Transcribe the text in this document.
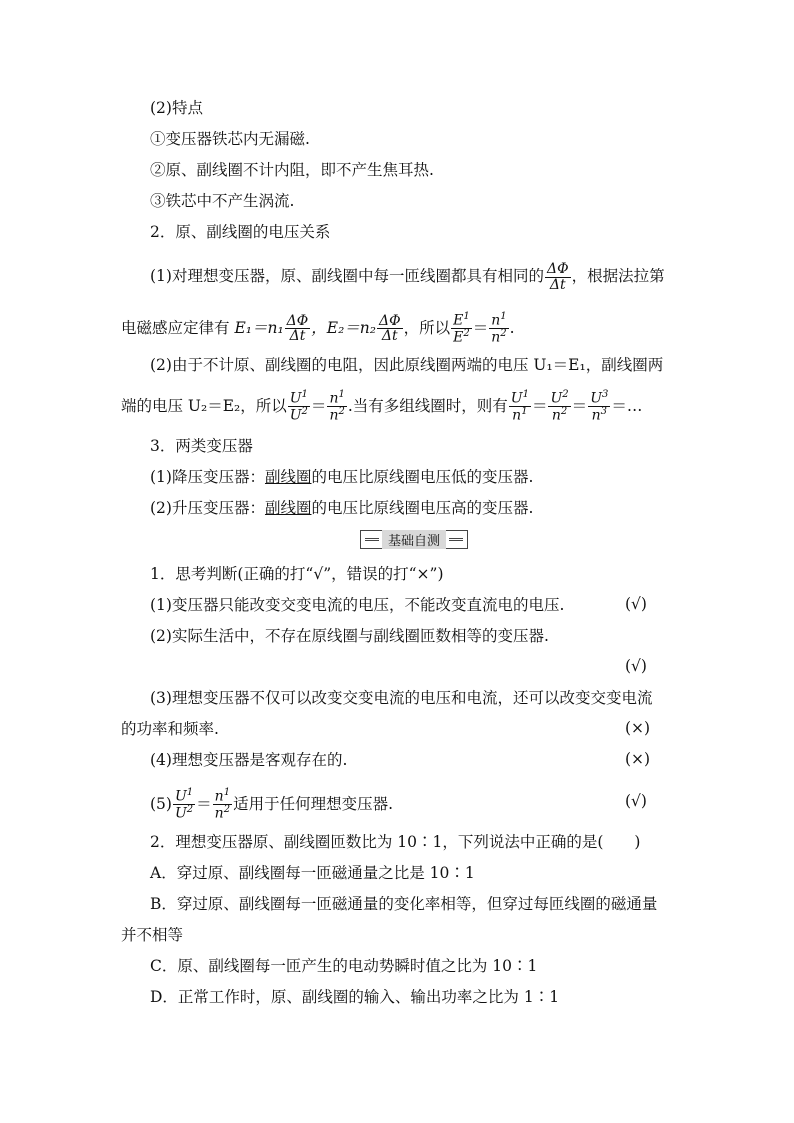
(2)特点
①变压器铁芯内无漏磁.
②原、副线圈不计内阻，即不产生焦耳热.
③铁芯中不产生涡流.
2．原、副线圈的电压关系
(1)对理想变压器，原、副线圈中每一匝线圈都具有相同的 $\frac{\Delta\Phi}{\Delta t}$ ，根据法拉第
电磁感应定律有 $E_1=n_1 \frac{\Delta\Phi}{\Delta t}$ ，$E_2=n_2 \frac{\Delta\Phi}{\Delta t}$ ，所以 $\frac{E^1}{E^2} = \frac{n^1}{n^2}$ .
(2)由于不计原、副线圈的电阻，因此原线圈两端的电压 U₁＝E₁，副线圈两
端的电压 U₂＝E₂，所以 $\frac{U^1}{U^2} = \frac{n^1}{n^2}$ .当有多组线圈时，则有 $\frac{U^1}{n^1} = \frac{U^2}{n^2} = \frac{U^3}{n^3}$ ＝…
3．两类变压器
(1)降压变压器：副线圈的电压比原线圈电压低的变压器.
(2)升压变压器：副线圈的电压比原线圈电压高的变压器.
基础自测
1．思考判断(正确的打“√”，错误的打“×”)
(1)变压器只能改变交变电流的电压，不能改变直流电的电压.	(√)
(2)实际生活中，不存在原线圈与副线圈匝数相等的变压器.
(√)
(3)理想变压器不仅可以改变交变电流的电压和电流，还可以改变交变电流
的功率和频率.	(×)
(4)理想变压器是客观存在的.	(×)
$(5) \frac{U^1}{U^2} = \frac{n^1}{n^2}$ 适用于任何理想变压器.	(√)
2．理想变压器原、副线圈匝数比为 10∶1，下列说法中正确的是(　　)
A．穿过原、副线圈每一匝磁通量之比是 10∶1
B．穿过原、副线圈每一匝磁通量的变化率相等，但穿过每匝线圈的磁通量
并不相等
C．原、副线圈每一匝产生的电动势瞬时值之比为 10∶1
D．正常工作时，原、副线圈的输入、输出功率之比为 1∶1
